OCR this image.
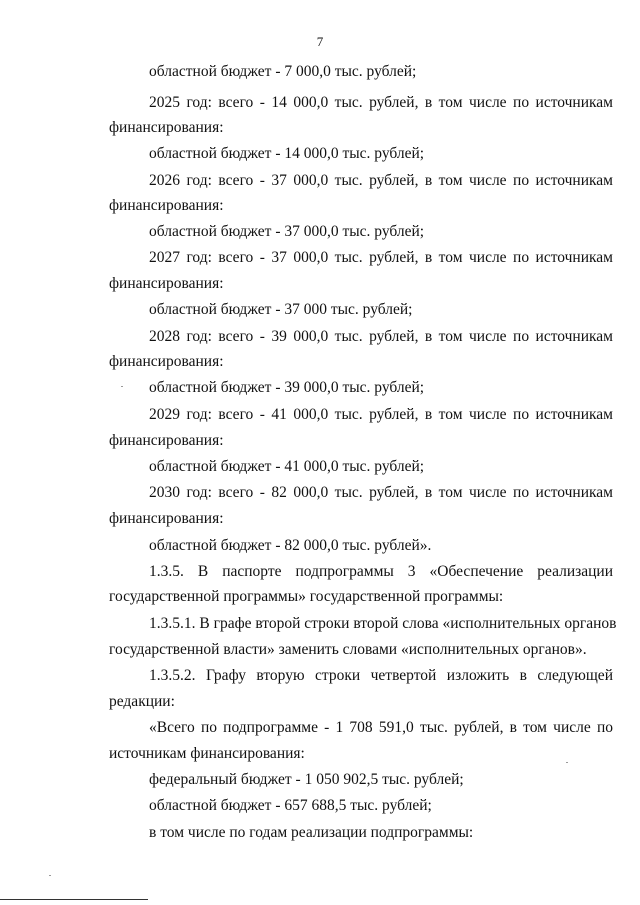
7
областной бюджет - 7 000,0 тыс. рублей;
2025 год: всего - 14 000,0 тыс. рублей, в том числе по источникам
финансирования:
областной бюджет - 14 000,0 тыс. рублей;
2026 год: всего - 37 000,0 тыс. рублей, в том числе по источникам
финансирования:
областной бюджет - 37 000,0 тыс. рублей;
2027 год: всего - 37 000,0 тыс. рублей, в том числе по источникам
финансирования:
областной бюджет - 37 000 тыс. рублей;
2028 год: всего - 39 000,0 тыс. рублей, в том числе по источникам
финансирования:
областной бюджет - 39 000,0 тыс. рублей;
2029 год: всего - 41 000,0 тыс. рублей, в том числе по источникам
финансирования:
областной бюджет - 41 000,0 тыс. рублей;
2030 год: всего - 82 000,0 тыс. рублей, в том числе по источникам
финансирования:
областной бюджет - 82 000,0 тыс. рублей».
1.3.5. В паспорте подпрограммы 3 «Обеспечение реализации
государственной программы» государственной программы:
1.3.5.1. В графе второй строки второй слова «исполнительных органов
государственной власти» заменить словами «исполнительных органов».
1.3.5.2. Графу вторую строки четвертой изложить в следующей
редакции:
«Всего по подпрограмме - 1 708 591,0 тыс. рублей, в том числе по
источникам финансирования:
федеральный бюджет - 1 050 902,5 тыс. рублей;
областной бюджет - 657 688,5 тыс. рублей;
в том числе по годам реализации подпрограммы:
